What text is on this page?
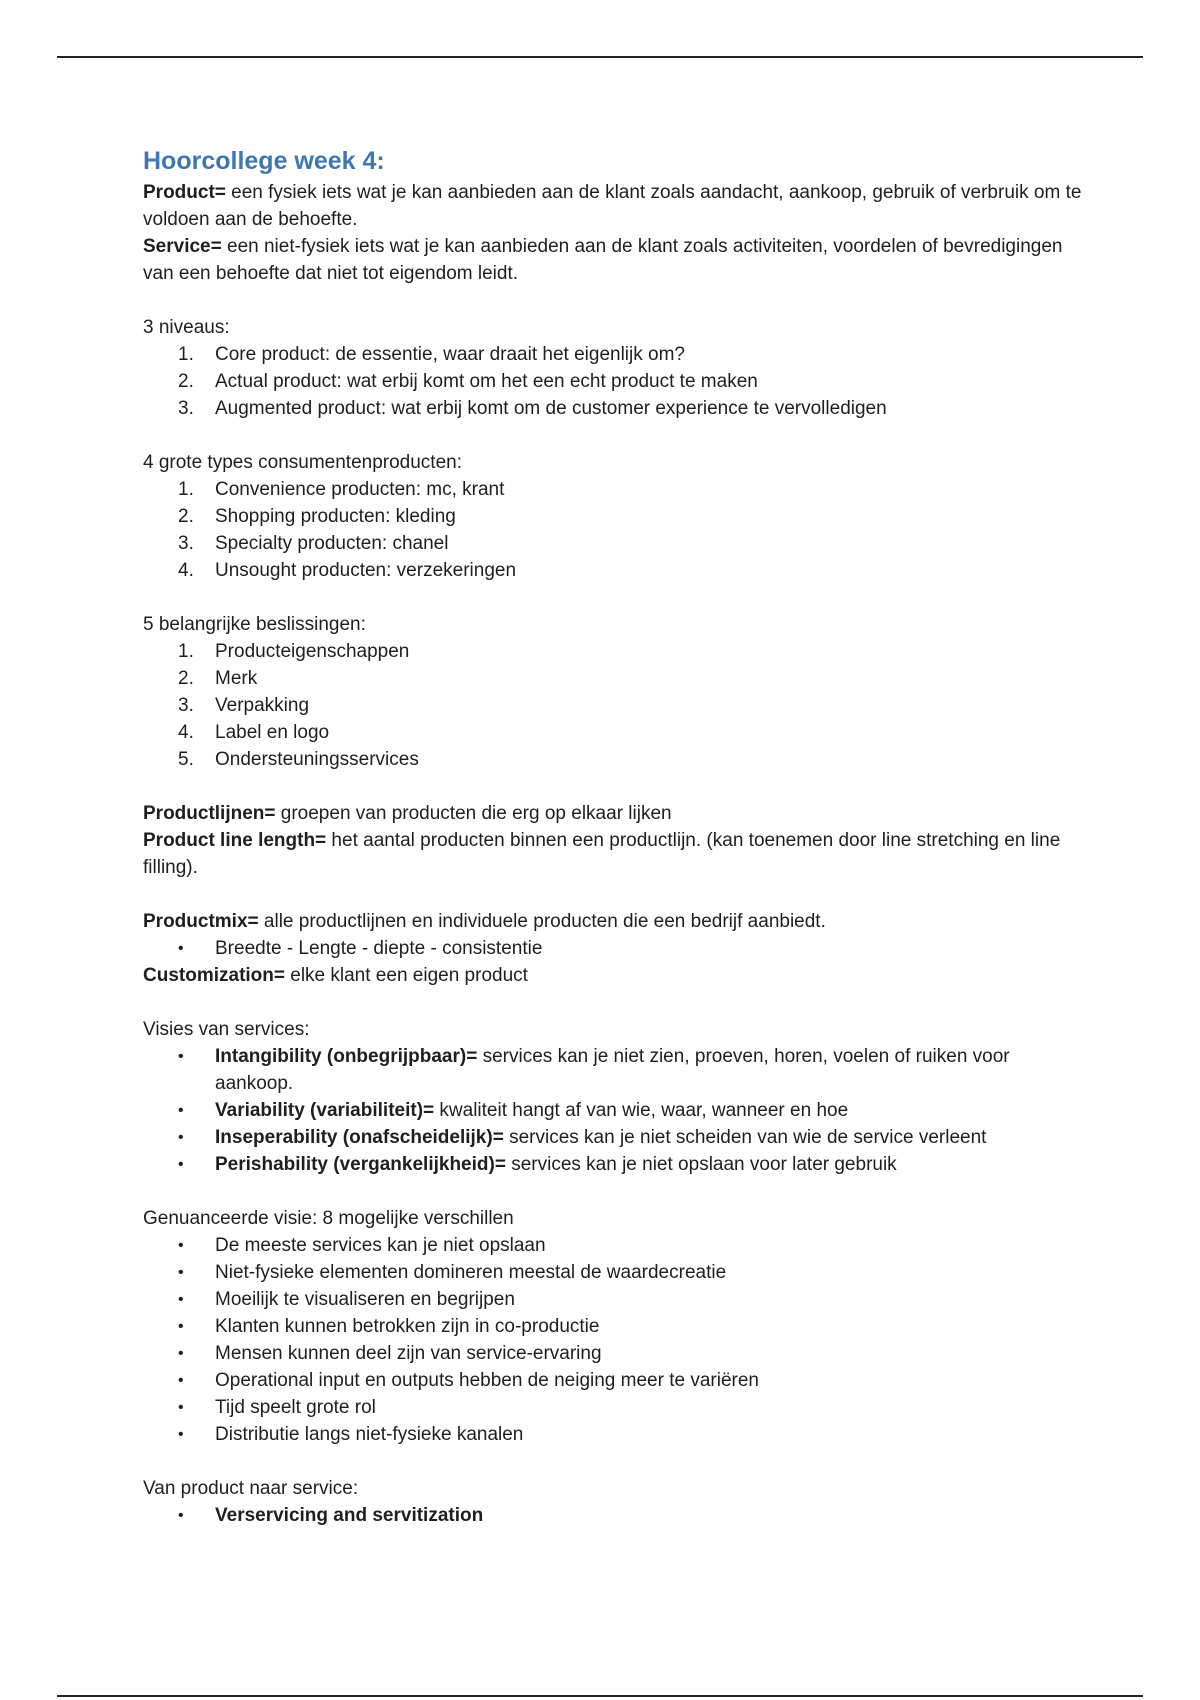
Hoorcollege week 4:

Product= een fysiek iets wat je kan aanbieden aan de klant zoals aandacht, aankoop, gebruik of verbruik om te voldoen aan de behoefte.

Service= een niet-fysiek iets wat je kan aanbieden aan de klant zoals activiteiten, voordelen of bevredigingen van een behoefte dat niet tot eigendom leidt.

3 niveaus:

1.	Core product: de essentie, waar draait het eigenlijk om?
2.	Actual product: wat erbij komt om het een echt product te maken
3.	Augmented product: wat erbij komt om de customer experience te vervolledigen

4 grote types consumentenproducten:

1.	Convenience producten: mc, krant
2.	Shopping producten: kleding
3.	Specialty producten: chanel
4.	Unsought producten: verzekeringen

5 belangrijke beslissingen:

1.	Producteigenschappen
2.	Merk
3.	Verpakking
4.	Label en logo
5.	Ondersteuningsservices

Productlijnen= groepen van producten die erg op elkaar lijken

Product line length= het aantal producten binnen een productlijn. (kan toenemen door line stretching en line filling).

Productmix= alle productlijnen en individuele producten die een bedrijf aanbiedt.

• Breedte - Lengte - diepte - consistentie

Customization= elke klant een eigen product

Visies van services:

• Intangibility (onbegrijpbaar)= services kan je niet zien, proeven, horen, voelen of ruiken voor aankoop.
• Variability (variabiliteit)= kwaliteit hangt af van wie, waar, wanneer en hoe
• Inseperability (onafscheidelijk)= services kan je niet scheiden van wie de service verleent
• Perishability (vergankelijkheid)= services kan je niet opslaan voor later gebruik

Genuanceerde visie: 8 mogelijke verschillen

• De meeste services kan je niet opslaan
• Niet-fysieke elementen domineren meestal de waardecreatie
• Moeilijk te visualiseren en begrijpen
• Klanten kunnen betrokken zijn in co-productie
• Mensen kunnen deel zijn van service-ervaring
• Operational input en outputs hebben de neiging meer te variëren
• Tijd speelt grote rol
• Distributie langs niet-fysieke kanalen

Van product naar service:

• Verservicing and servitization
